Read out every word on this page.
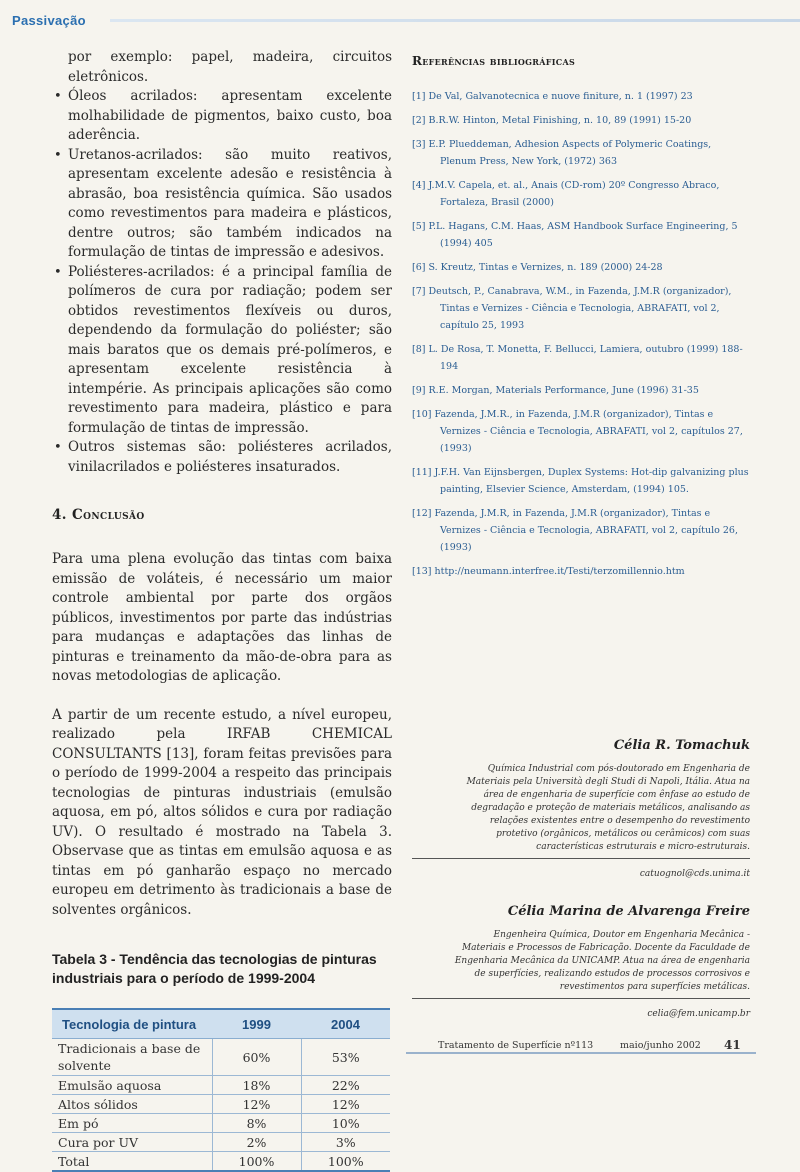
Passivação
por exemplo: papel, madeira, circuitos eletrônicos.
• Óleos acrilados: apresentam excelente molhabilidade de pigmentos, baixo custo, boa aderência.
• Uretanos-acrilados: são muito reativos, apresentam excelente adesão e resistência à abrasão, boa resistência química. São usados como revestimentos para madeira e plásticos, dentre outros; são também indicados na formulação de tintas de impressão e adesivos.
• Poliésteres-acrilados: é a principal família de polímeros de cura por radiação; podem ser obtidos revestimentos flexíveis ou duros, dependendo da formulação do poliéster; são mais baratos que os demais pré-polímeros, e apresentam excelente resistência à intempérie. As principais aplicações são como revestimento para madeira, plástico e para formulação de tintas de impressão.
• Outros sistemas são: poliésteres acrilados, vinilacrilados e poliésteres insaturados.
4. Conclusão

Para uma plena evolução das tintas com baixa emissão de voláteis, é necessário um maior controle ambiental por parte dos orgãos públicos, investimentos por parte das indústrias para mudanças e adaptações das linhas de pinturas e treinamento da mão-de-obra para as novas metodologias de aplicação.

A partir de um recente estudo, a nível europeu, realizado pela IRFAB CHEMICAL CONSULTANTS [13], foram feitas previsões para o período de 1999-2004 a respeito das principais tecnologias de pinturas industriais (emulsão aquosa, em pó, altos sólidos e cura por radiação UV). O resultado é mostrado na Tabela 3. Observase que as tintas em emulsão aquosa e as tintas em pó ganharão espaço no mercado europeu em detrimento às tradicionais a base de solventes orgânicos.

Tabela 3 - Tendência das tecnologias de pinturas industriais para o período de 1999-2004
Tecnologia de pintura	1999	2004
Tradicionais a base de solvente	60%	53%
Emulsão aquosa	18%	22%
Altos sólidos	12%	12%
Em pó	8%	10%
Cura por UV	2%	3%
Total	100%	100%
Referências bibliográficas
[1] De Val, Galvanotecnica e nuove finiture, n. 1 (1997) 23
[2] B.R.W. Hinton, Metal Finishing, n. 10, 89 (1991) 15-20
[3] E.P. Plueddeman, Adhesion Aspects of Polymeric Coatings, Plenum Press, New York, (1972) 363
[4] J.M.V. Capela, et. al., Anais (CD-rom) 20º Congresso Abraco, Fortaleza, Brasil (2000)
[5] P.L. Hagans, C.M. Haas, ASM Handbook Surface Engineering, 5 (1994) 405
[6] S. Kreutz, Tintas e Vernizes, n. 189 (2000) 24-28
[7] Deutsch, P., Canabrava, W.M., in Fazenda, J.M.R (organizador), Tintas e Vernizes - Ciência e Tecnologia, ABRAFATI, vol 2, capítulo 25, 1993
[8] L. De Rosa, T. Monetta, F. Bellucci, Lamiera, outubro (1999) 188-194
[9] R.E. Morgan, Materials Performance, June (1996) 31-35
[10] Fazenda, J.M.R., in Fazenda, J.M.R (organizador), Tintas e Vernizes - Ciência e Tecnologia, ABRAFATI, vol 2, capítulos 27, (1993)
[11] J.F.H. Van Eijnsbergen, Duplex Systems: Hot-dip galvanizing plus painting, Elsevier Science, Amsterdam, (1994) 105.
[12] Fazenda, J.M.R, in Fazenda, J.M.R (organizador), Tintas e Vernizes - Ciência e Tecnologia, ABRAFATI, vol 2, capítulo 26, (1993)
[13] http://neumann.interfree.it/Testi/terzomillennio.htm
Célia R. Tomachuk
Química Industrial com pós-doutorado em Engenharia de Materiais pela Università degli Studi di Napoli, Itália. Atua na área de engenharia de superfície com ênfase ao estudo de degradação e proteção de materiais metálicos, analisando as relações existentes entre o desempenho do revestimento protetivo (orgânicos, metálicos ou cerâmicos) com suas características estruturais e micro-estruturais.
catuognol@cds.unima.it
Célia Marina de Alvarenga Freire
Engenheira Química, Doutor em Engenharia Mecânica - Materiais e Processos de Fabricação. Docente da Faculdade de Engenharia Mecânica da UNICAMP. Atua na área de engenharia de superfícies, realizando estudos de processos corrosivos e revestimentos para superfícies metálicas.
celia@fem.unicamp.br
Tratamento de Superfície nº113	maio/junho 2002 41
